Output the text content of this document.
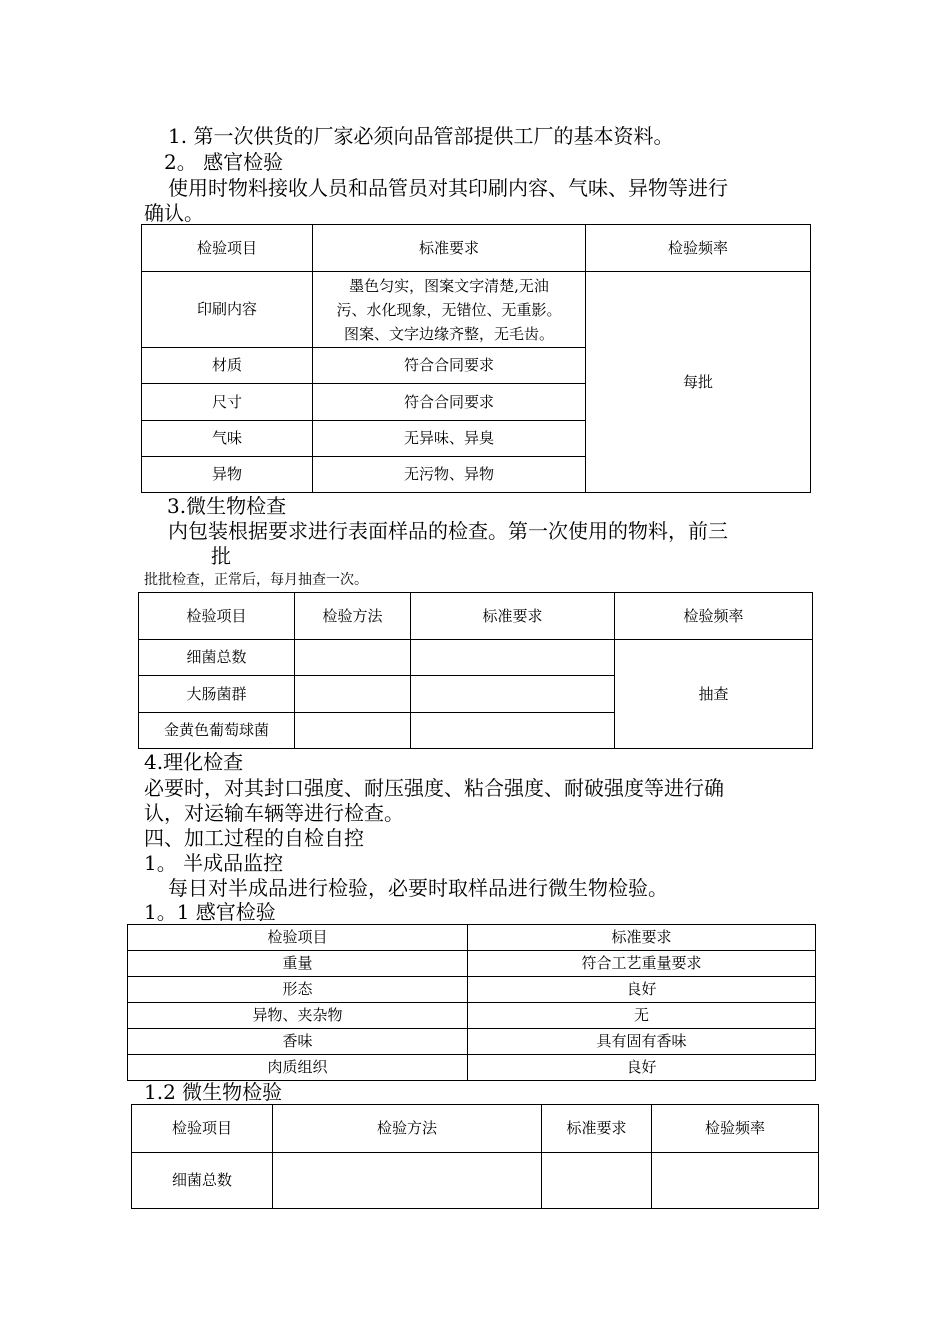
1. 第一次供货的厂家必须向品管部提供工厂的基本资料。
2。 感官检验
使用时物料接收人员和品管员对其印刷内容、气味、异物等进行
确认。
检验项目	标准要求	检验频率
印刷内容	墨色匀实，图案文字清楚,无油
污、水化现象，无错位、无重影。
图案、文字边缘齐整，无毛齿。	每批
材质	符合合同要求	
尺寸	符合合同要求	
气味	无异味、异臭	
异物	无污物、异物	
3.微生物检查
内包装根据要求进行表面样品的检查。第一次使用的物料，前三
批
批批检查，正常后，每月抽查一次。
检验项目	检验方法	标准要求	检验频率
细菌总数			抽查
大肠菌群			
金黄色葡萄球菌			
4.理化检查
必要时，对其封口强度、耐压强度、粘合强度、耐破强度等进行确
认，对运输车辆等进行检查。
四、加工过程的自检自控
1。 半成品监控
每日对半成品进行检验，必要时取样品进行微生物检验。
1。1 感官检验
检验项目	标准要求
重量	符合工艺重量要求
形态	良好
异物、夹杂物	无
香味	具有固有香味
肉质组织	良好
1.2 微生物检验
检验项目	检验方法	标准要求	检验频率
细菌总数			
